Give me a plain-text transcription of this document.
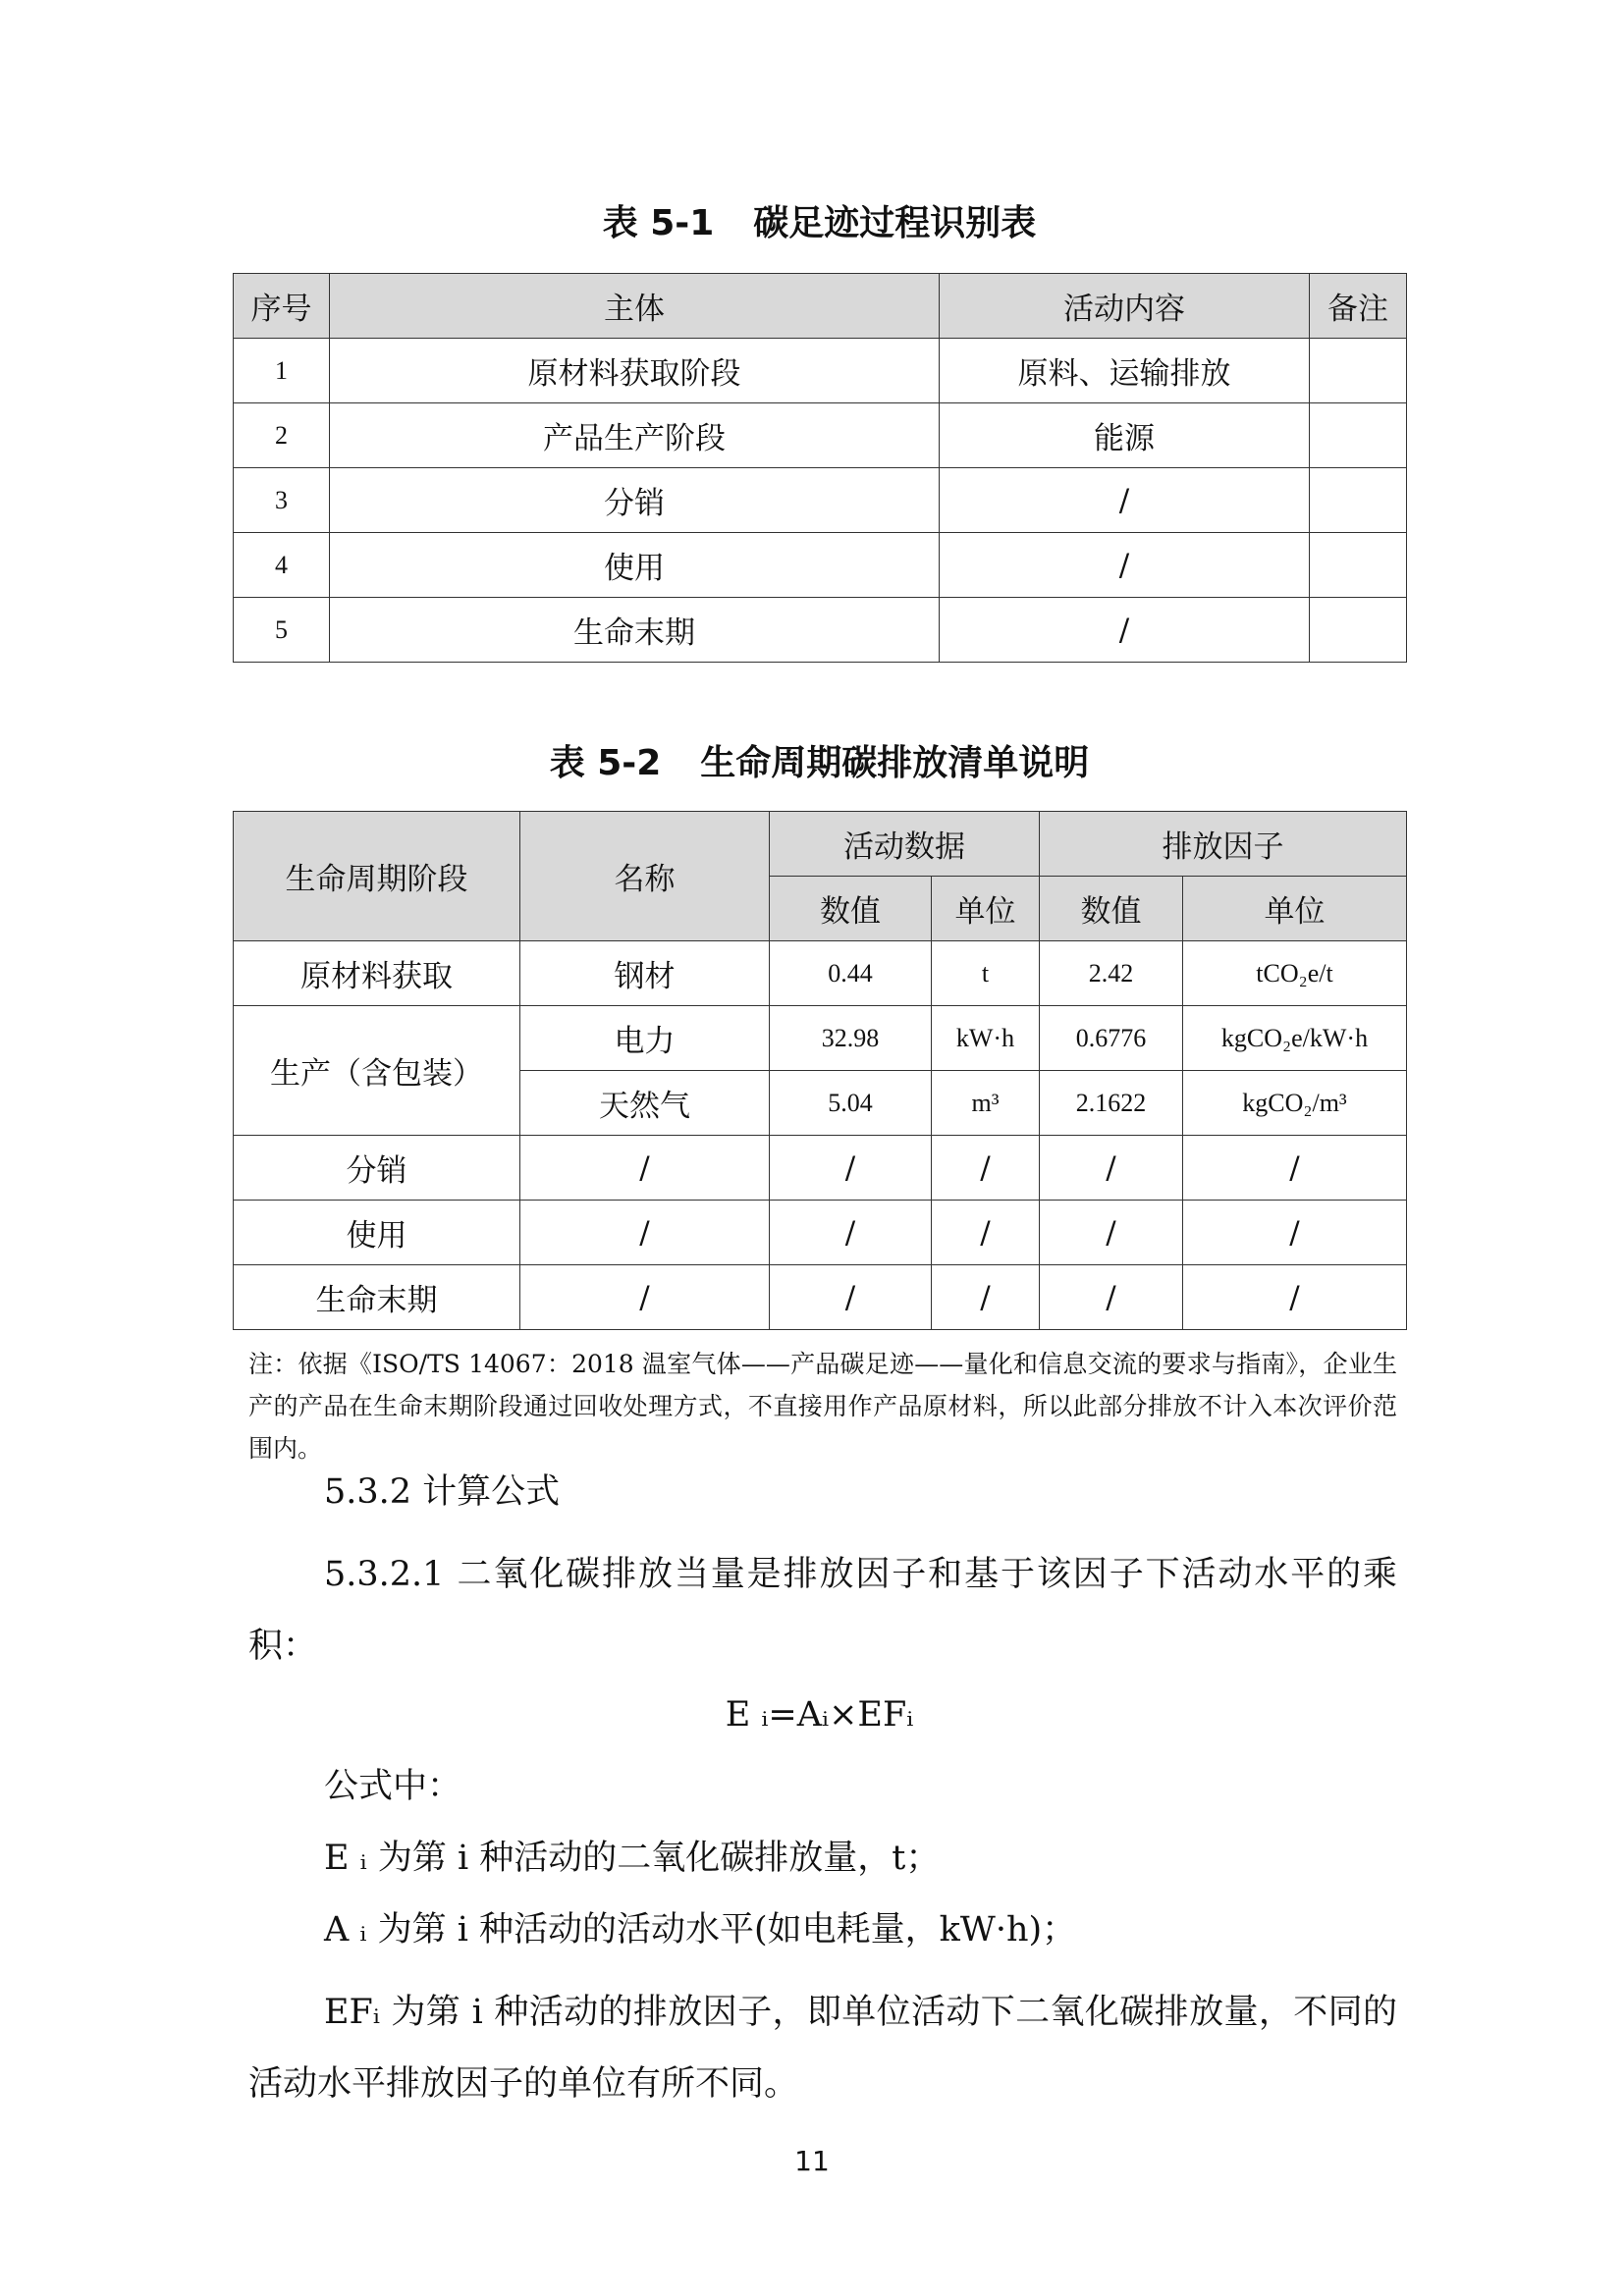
表 5-1 碳足迹过程识别表
序号	主体	活动内容	备注
1	原材料获取阶段	原料、运输排放	
2	产品生产阶段	能源	
3	分销	/	
4	使用	/	
5	生命末期	/	
表 5-2 生命周期碳排放清单说明
生命周期阶段	名称	活动数据		排放因子	
		数值	单位	数值	单位
原材料获取	钢材	0.44	t	2.42	tCO₂e/t
生产（含包装）	电力	32.98	kW·h	0.6776	kgCO₂e/kW·h
	天然气	5.04	m³	2.1622	kgCO₂/m³
分销	/	/	/	/	/
使用	/	/	/	/	/
生命末期	/	/	/	/	/
注：依据《ISO/TS 14067：2018 温室气体——产品碳足迹——量化和信息交流的要求与指南》，企业生产的产品在生命末期阶段通过回收处理方式，不直接用作产品原材料，所以此部分排放不计入本次评价范围内。
5.3.2 计算公式
5.3.2.1 二氧化碳排放当量是排放因子和基于该因子下活动水平的乘积：
E ᵢ=Aᵢ×EFᵢ
公式中：
E ᵢ 为第 i 种活动的二氧化碳排放量，t；
A ᵢ 为第 i 种活动的活动水平(如电耗量，kW·h)；
EFᵢ 为第 i 种活动的排放因子，即单位活动下二氧化碳排放量，不同的活动水平排放因子的单位有所不同。
11
